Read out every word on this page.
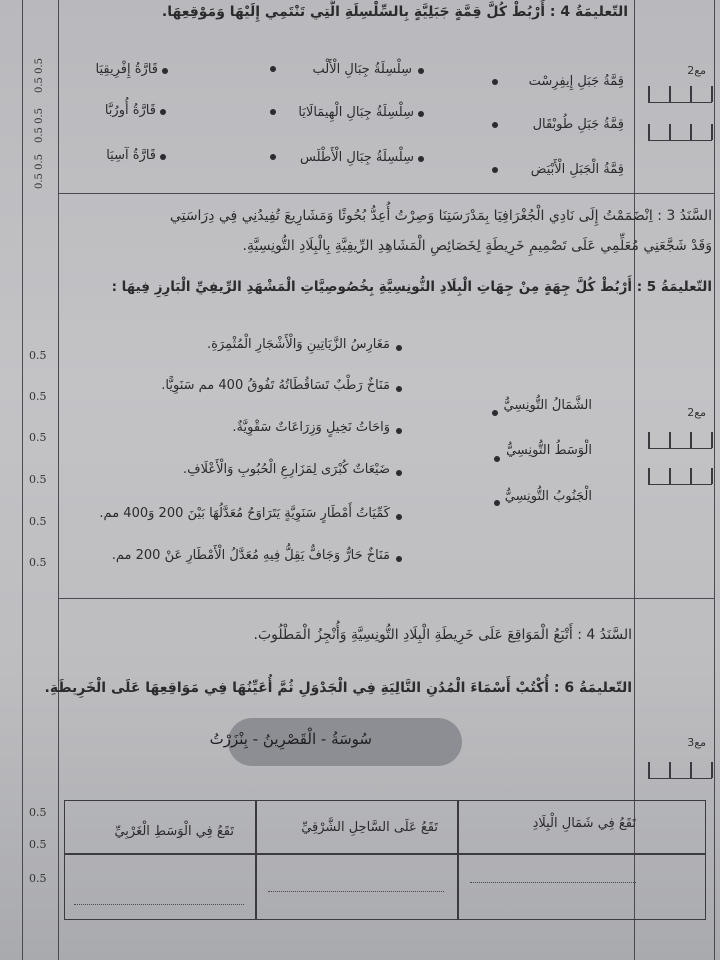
مع2
مع2
مع3
التّعليمَةُ 4 : أَرْبُطْ كُلَّ قِمَّةٍ جَبَلِيَّةٍ بِالسِّلْسِلَةِ الَّتِي تَنْتَمِي إِلَيْهَا وَمَوْقِعِهَا.
قِمَّةُ جَبَلِ إِيفِرِسْت
قِمَّةُ جَبَلِ طُوبْقَال
قِمَّةُ الْجَبَلِ الْأَبْيَض
سِلْسِلَةُ جِبَالِ الْأَلْب
سِلْسِلَةُ جِبَالِ الْهِيمَالَايَا
سِلْسِلَةُ جِبَالِ الْأَطْلَس
قَارَّةُ إِفْرِيقِيَا
قَارَّةُ أُورُبَّا
قَارَّةُ آسِيَا
0.5 0.5
0.5 0.5
0.5 0.5
السَّنَدُ 3 : اِنْضَمَمْتُ إِلَى نَادِي الْجُغْرَافِيَا بِمَدْرَسَتِنَا وَصِرْتُ أُعِدُّ بُحُوثًا وَمَشَارِيعَ تُفِيدُنِي فِي دِرَاسَتِي
وَقَدْ شَجَّعَنِي مُعَلِّمِي عَلَى تَصْمِيمِ خَرِيطَةٍ لِخَصَائِصِ الْمَشَاهِدِ الرِّيفِيَّةِ بِالْبِلَادِ التُّونِسِيَّةِ.
التّعليمَةُ 5 : أَرْبُطْ كُلَّ جِهَةٍ مِنْ جِهَاتِ الْبِلَادِ التُّونِسِيَّةِ بِخُصُوصِيَّاتِ الْمَشْهَدِ الرِّيفِيِّ الْبَارِزِ فِيهَا :
مَغَارِسُ الزَّيَاتِينِ وَالْأَشْجَارِ الْمُثْمِرَةِ.
مَنَاخٌ رَطْبٌ تَسَاقُطَاتُهُ تَفُوقُ 400 مم سَنَوِيًّا.
وَاحَاتُ نَخِيلٍ وَزِرَاعَاتٌ سَقْوِيَّةٌ.
ضَيْعَاتٌ كُبْرَى لِمَزَارِعِ الْحُبُوبِ وَالْأَعْلَافِ.
كَمِّيَاتُ أَمْطَارٍ سَنَوِيَّةٍ يَتَرَاوَحُ مُعَدَّلُهَا بَيْنَ 200 وَ400 مم.
مَنَاخٌ حَارٌّ وَجَافٌّ يَقِلُّ فِيهِ مُعَدَّلُ الْأَمْطَارِ عَنْ 200 مم.
الشَّمَالُ التُّونِسِيُّ
الْوَسَطُ التُّونِسِيُّ
الْجَنُوبُ التُّونِسِيُّ
0.5
0.5
0.5
0.5
0.5
0.5
السَّنَدُ 4 : أَتْبَعُ الْمَوَاقِعَ عَلَى خَرِيطَةِ الْبِلَادِ التُّونِسِيَّةِ وَأُنْجِزُ الْمَطْلُوبَ.
التّعليمَةُ 6 : أُكْتُبْ أَسْمَاءَ الْمُدُنِ التَّالِيَةِ فِي الْجَدْوَلِ ثُمَّ أُعَيِّنُهَا فِي مَوَاقِعِهَا عَلَى الْخَرِيطَةِ.
سُوسَةُ - الْقَصْرِينُ - بِنْزَرْتُ
تَقَعُ فِي شَمَالِ الْبِلَادِ
تَقَعُ عَلَى السَّاحِلِ الشَّرْقِيِّ
تَقَعُ فِي الْوَسَطِ الْغَرْبِيِّ
0.5
0.5
0.5
